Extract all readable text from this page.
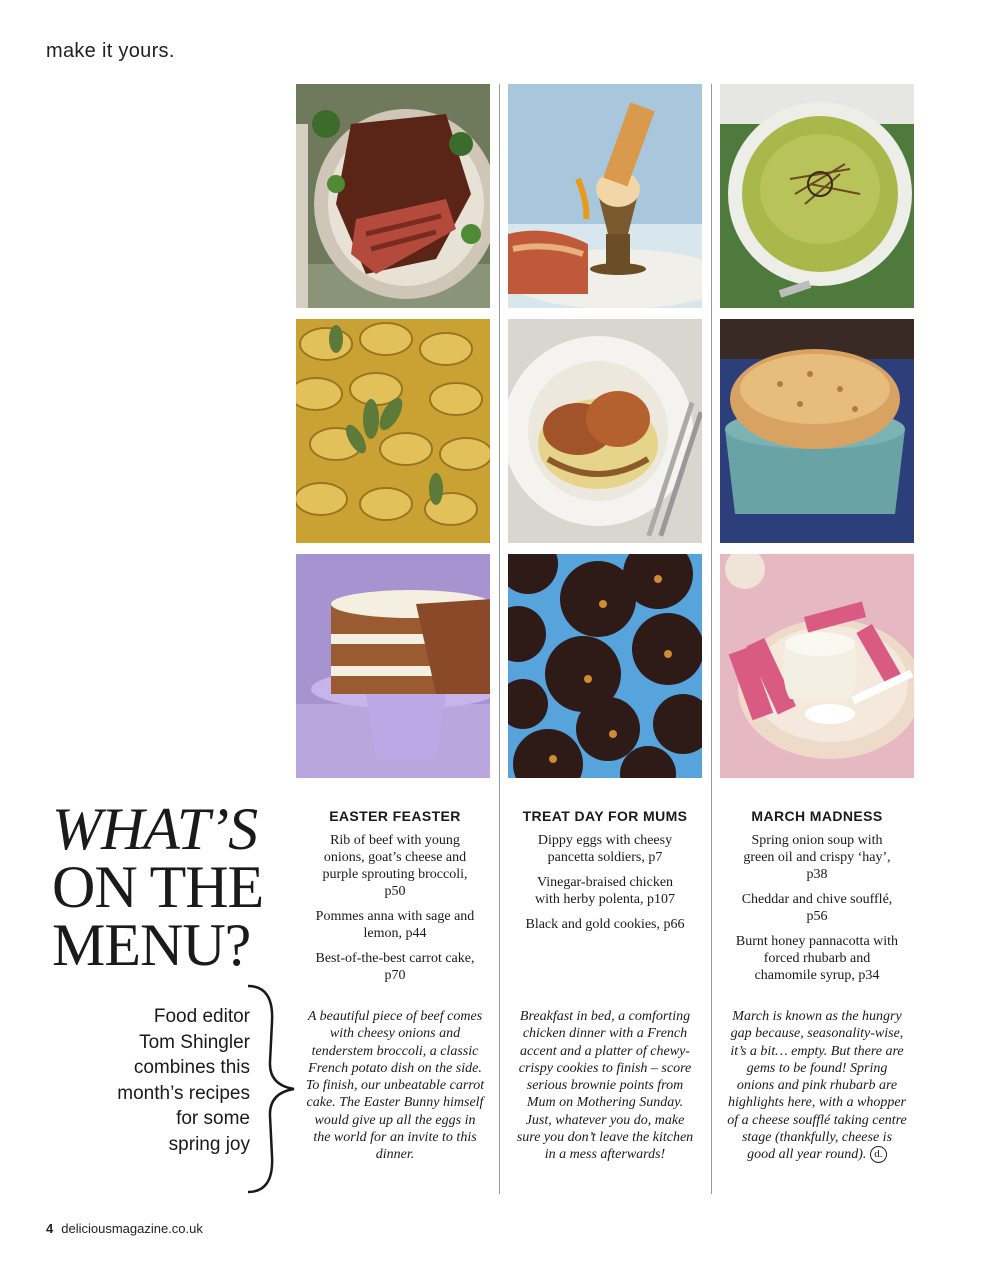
make it yours.
WHAT’S
ON THE
MENU?
Food editor
Tom Shingler
combines this
month’s recipes
for some
spring joy
EASTER FEASTER
Rib of beef with young onions, goat’s cheese and purple sprouting broccoli, p50
Pommes anna with sage and lemon, p44
Best-of-the-best carrot cake, p70
A beautiful piece of beef comes with cheesy onions and tenderstem broccoli, a classic French potato dish on the side. To finish, our unbeatable carrot cake. The Easter Bunny himself would give up all the eggs in the world for an invite to this dinner.
TREAT DAY FOR MUMS
Dippy eggs with cheesy pancetta soldiers, p7
Vinegar-braised chicken with herby polenta, p107
Black and gold cookies, p66
Breakfast in bed, a comforting chicken dinner with a French accent and a platter of chewy-crispy cookies to finish – score serious brownie points from Mum on Mothering Sunday. Just, whatever you do, make sure you don’t leave the kitchen in a mess afterwards!
MARCH MADNESS
Spring onion soup with green oil and crispy ‘hay’, p38
Cheddar and chive soufflé, p56
Burnt honey pannacotta with forced rhubarb and chamomile syrup, p34
March is known as the hungry gap because, seasonality-wise, it’s a bit… empty. But there are gems to be found! Spring onions and pink rhubarb are highlights here, with a whopper of a cheese soufflé taking centre stage (thankfully, cheese is good all year round). d.
4 deliciousmagazine.co.uk
